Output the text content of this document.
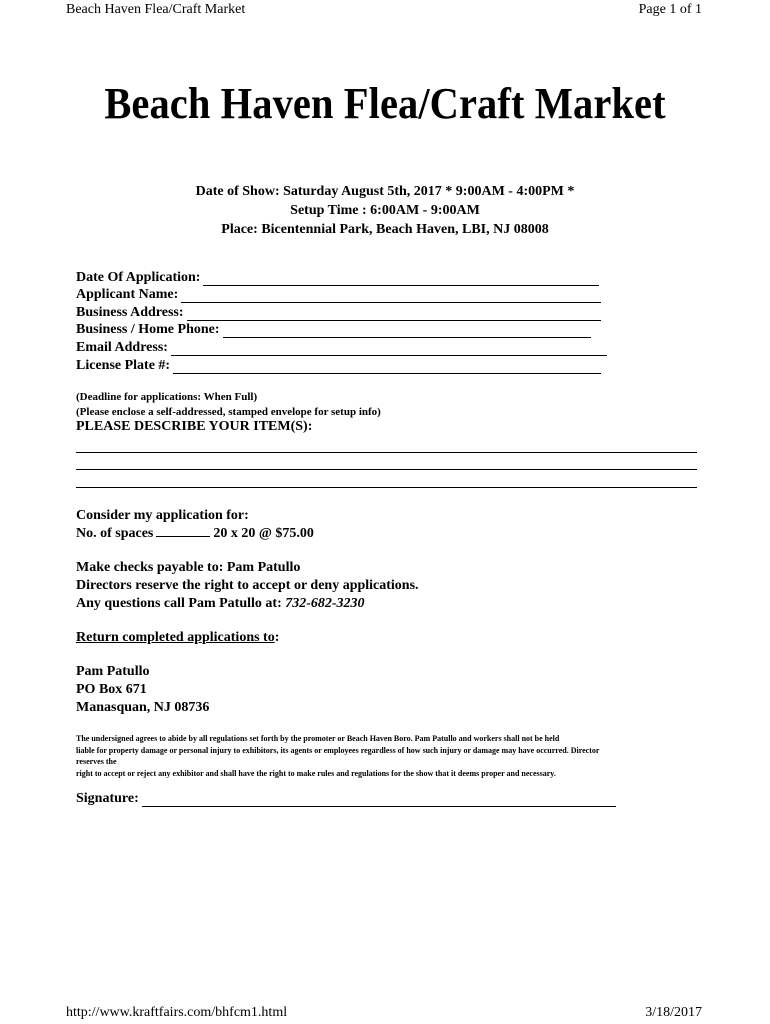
Beach Haven Flea/Craft Market	Page 1 of 1
Beach Haven Flea/Craft Market
Date of Show: Saturday August 5th, 2017 * 9:00AM - 4:00PM *
Setup Time : 6:00AM - 9:00AM
Place: Bicentennial Park, Beach Haven, LBI, NJ 08008
Date Of Application:
Applicant Name:
Business Address:
Business / Home Phone:
Email Address:
License Plate #:
(Deadline for applications: When Full)
(Please enclose a self-addressed, stamped envelope for setup info)
PLEASE DESCRIBE YOUR ITEM(S):
Consider my application for:
No. of spaces	20 x 20 @ $75.00
Make checks payable to: Pam Patullo
Directors reserve the right to accept or deny applications.
Any questions call Pam Patullo at: 732-682-3230
Return completed applications to:
Pam Patullo
PO Box 671
Manasquan, NJ 08736

The undersigned agrees to abide by all regulations set forth by the promoter or Beach Haven Boro. Pam Patullo and workers shall not be held

liable for property damage or personal injury to exhibitors, its agents or employees regardless of how such injury or damage may have occurred. Director

reserves the

right to accept or reject any exhibitor and shall have the right to make rules and regulations for the show that it deems proper and necessary.

Signature:
http://www.kraftfairs.com/bhfcm1.html	3/18/2017
